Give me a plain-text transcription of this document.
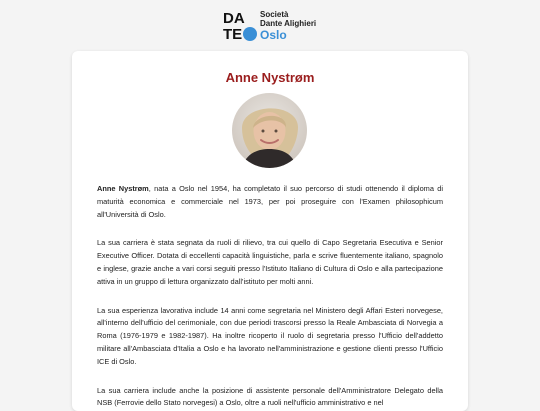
DA
TE
Società
Dante Alighieri
Oslo
Anne Nystrøm

Anne Nystrøm, nata a Oslo nel 1954, ha completato il suo percorso di studi ottenendo il diploma di maturità economica e commerciale nel 1973, per poi proseguire con l'Examen philosophicum all'Università di Oslo.

La sua carriera è stata segnata da ruoli di rilievo, tra cui quello di Capo Segretaria Esecutiva e Senior Executive Officer. Dotata di eccellenti capacità linguistiche, parla e scrive fluentemente italiano, spagnolo e inglese, grazie anche a vari corsi seguiti presso l'Istituto Italiano di Cultura di Oslo e alla partecipazione attiva in un gruppo di lettura organizzato dall'istituto per molti anni.

La sua esperienza lavorativa include 14 anni come segretaria nel Ministero degli Affari Esteri norvegese, all'interno dell'ufficio del cerimoniale, con due periodi trascorsi presso la Reale Ambasciata di Norvegia a Roma (1976-1979 e 1982-1987). Ha inoltre ricoperto il ruolo di segretaria presso l'Ufficio dell'addetto militare all'Ambasciata d'Italia a Oslo e ha lavorato nell'amministrazione e gestione clienti presso l'Ufficio ICE di Oslo.

La sua carriera include anche la posizione di assistente personale dell'Amministratore Delegato della NSB (Ferrovie dello Stato norvegesi) a Oslo, oltre a ruoli nell'ufficio amministrativo e nel
